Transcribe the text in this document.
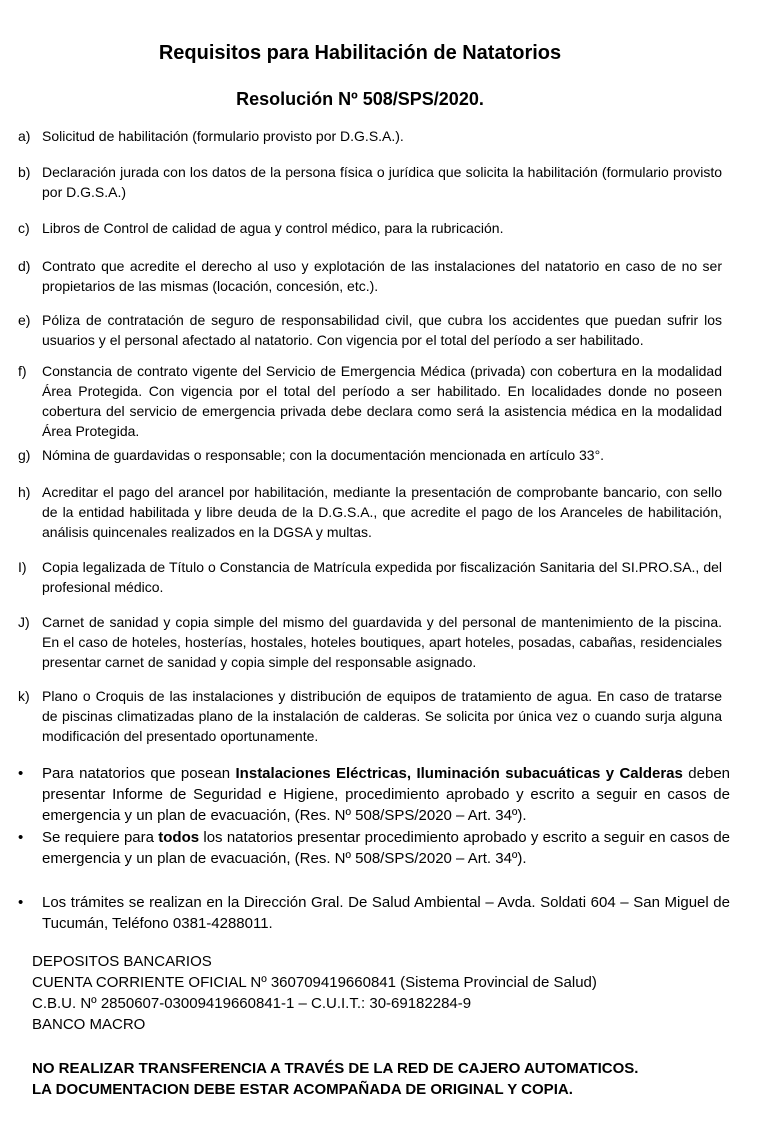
Requisitos para Habilitación de Natatorios
Resolución Nº 508/SPS/2020.
a) Solicitud de habilitación (formulario provisto por D.G.S.A.).
b) Declaración jurada con los datos de la persona física o jurídica que solicita la habilitación (formulario provisto por D.G.S.A.)
c) Libros de Control de calidad de agua y control médico, para la rubricación.
d) Contrato que acredite el derecho al uso y explotación de las instalaciones del natatorio en caso de no ser propietarios de las mismas (locación, concesión, etc.).
e) Póliza de contratación de seguro de responsabilidad civil, que cubra los accidentes que puedan sufrir los usuarios y el personal afectado al natatorio. Con vigencia por el total del período a ser habilitado.
f)	Constancia de contrato vigente del Servicio de Emergencia Médica (privada) con cobertura en la modalidad Área Protegida. Con vigencia por el total del período a ser habilitado. En localidades donde no poseen cobertura del servicio de emergencia privada debe declara como será la asistencia médica en la modalidad Área Protegida.
g) Nómina de guardavidas o responsable; con la documentación mencionada en artículo 33°.
h) Acreditar el pago del arancel por habilitación, mediante la presentación de comprobante bancario, con sello de la entidad habilitada y libre deuda de la D.G.S.A., que acredite el pago de los Aranceles de habilitación, análisis quincenales realizados en la DGSA y multas.
I)	Copia legalizada de Título o Constancia de Matrícula expedida por fiscalización Sanitaria del SI.PRO.SA., del profesional médico.
J) Carnet de sanidad y copia simple del mismo del guardavida y del personal de mantenimiento de la piscina. En el caso de hoteles, hosterías, hostales, hoteles boutiques, apart hoteles, posadas, cabañas, residenciales presentar carnet de sanidad y copia simple del responsable asignado.
k) Plano o Croquis de las instalaciones y distribución de equipos de tratamiento de agua. En caso de tratarse de piscinas climatizadas plano de la instalación de calderas. Se solicita por única vez o cuando surja alguna modificación del presentado oportunamente.
•	Para natatorios que posean Instalaciones Eléctricas, Iluminación subacuáticas y Calderas deben presentar Informe de Seguridad e Higiene, procedimiento aprobado y escrito a seguir en casos de emergencia y un plan de evacuación, (Res. Nº 508/SPS/2020 – Art. 34º).
•	Se requiere para todos los natatorios presentar procedimiento aprobado y escrito a seguir en casos de emergencia y un plan de evacuación, (Res. Nº 508/SPS/2020 – Art. 34º).
•	Los trámites se realizan en la Dirección Gral. De Salud Ambiental – Avda. Soldati 604 – San Miguel de Tucumán, Teléfono 0381-4288011.
DEPOSITOS BANCARIOS
CUENTA CORRIENTE OFICIAL Nº 360709419660841 (Sistema Provincial de Salud)
C.B.U. Nº 2850607-03009419660841-1 – C.U.I.T.: 30-69182284-9
BANCO MACRO
NO REALIZAR TRANSFERENCIA A TRAVÉS DE LA RED DE CAJERO AUTOMATICOS.
LA DOCUMENTACION DEBE ESTAR ACOMPAÑADA DE ORIGINAL Y COPIA.
